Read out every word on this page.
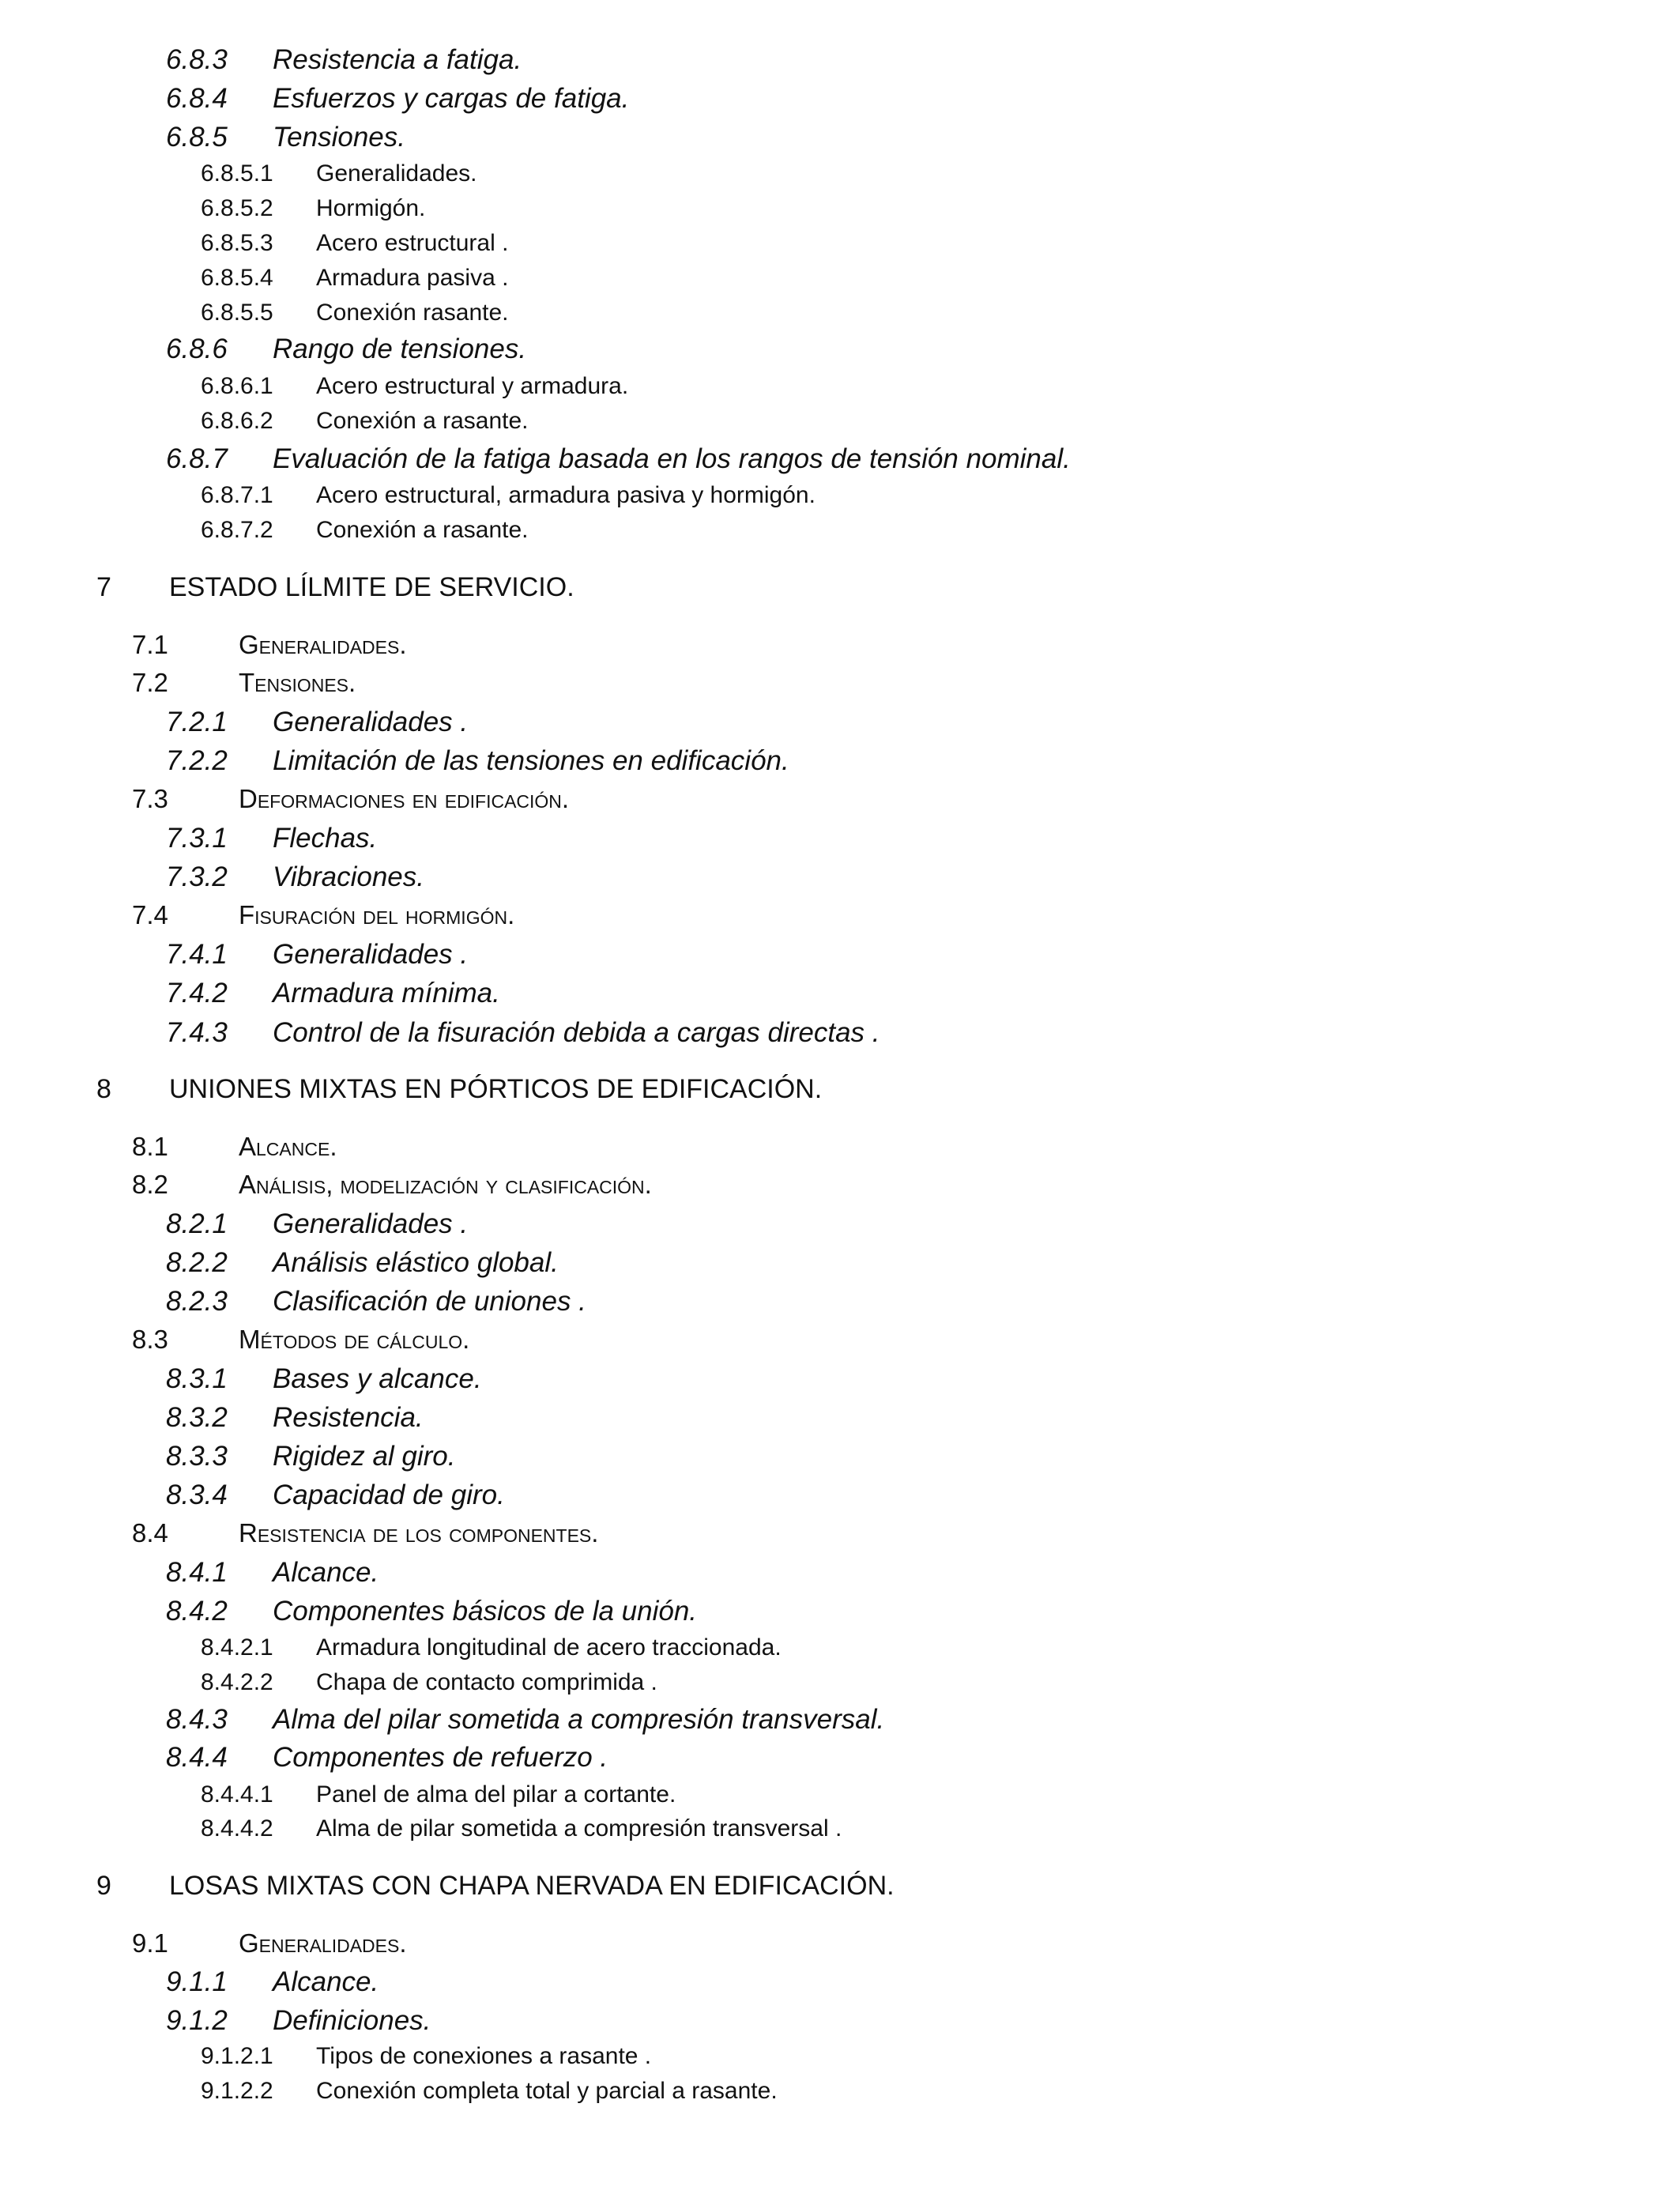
6.8.3 Resistencia a fatiga.
6.8.4 Esfuerzos y cargas de fatiga.
6.8.5 Tensiones.
6.8.5.1 Generalidades.
6.8.5.2 Hormigón.
6.8.5.3 Acero estructural .
6.8.5.4 Armadura pasiva .
6.8.5.5 Conexión rasante.
6.8.6 Rango de tensiones.
6.8.6.1 Acero estructural y armadura.
6.8.6.2 Conexión a rasante.
6.8.7 Evaluación de la fatiga basada en los rangos de tensión nominal.
6.8.7.1 Acero estructural, armadura pasiva y hormigón.
6.8.7.2 Conexión a rasante.
7 ESTADO LÍLMITE DE SERVICIO.
7.1	Generalidades.
7.2	Tensiones.
7.2.1 Generalidades .
7.2.2 Limitación de las tensiones en edificación.
7.3	Deformaciones en edificación.
7.3.1 Flechas.
7.3.2 Vibraciones.
7.4	Fisuración del hormigón.
7.4.1 Generalidades .
7.4.2 Armadura mínima.
7.4.3 Control de la fisuración debida a cargas directas .
8 UNIONES MIXTAS EN PÓRTICOS DE EDIFICACIÓN.
8.1	Alcance.
8.2	Análisis, modelización y clasificación.
8.2.1 Generalidades .
8.2.2 Análisis elástico global.
8.2.3 Clasificación de uniones .
8.3	Métodos de cálculo.
8.3.1 Bases y alcance.
8.3.2 Resistencia.
8.3.3 Rigidez al giro.
8.3.4 Capacidad de giro.
8.4	Resistencia de los componentes.
8.4.1 Alcance.
8.4.2 Componentes básicos de la unión.
8.4.2.1 Armadura longitudinal de acero traccionada.
8.4.2.2 Chapa de contacto comprimida .
8.4.3 Alma del pilar sometida a compresión transversal.
8.4.4 Componentes de refuerzo .
8.4.4.1 Panel de alma del pilar a cortante.
8.4.4.2 Alma de pilar sometida a compresión transversal .
9 LOSAS MIXTAS CON CHAPA NERVADA EN EDIFICACIÓN.
9.1	Generalidades.
9.1.1 Alcance.
9.1.2 Definiciones.
9.1.2.1 Tipos de conexiones a rasante .
9.1.2.2 Conexión completa total y parcial a rasante.
